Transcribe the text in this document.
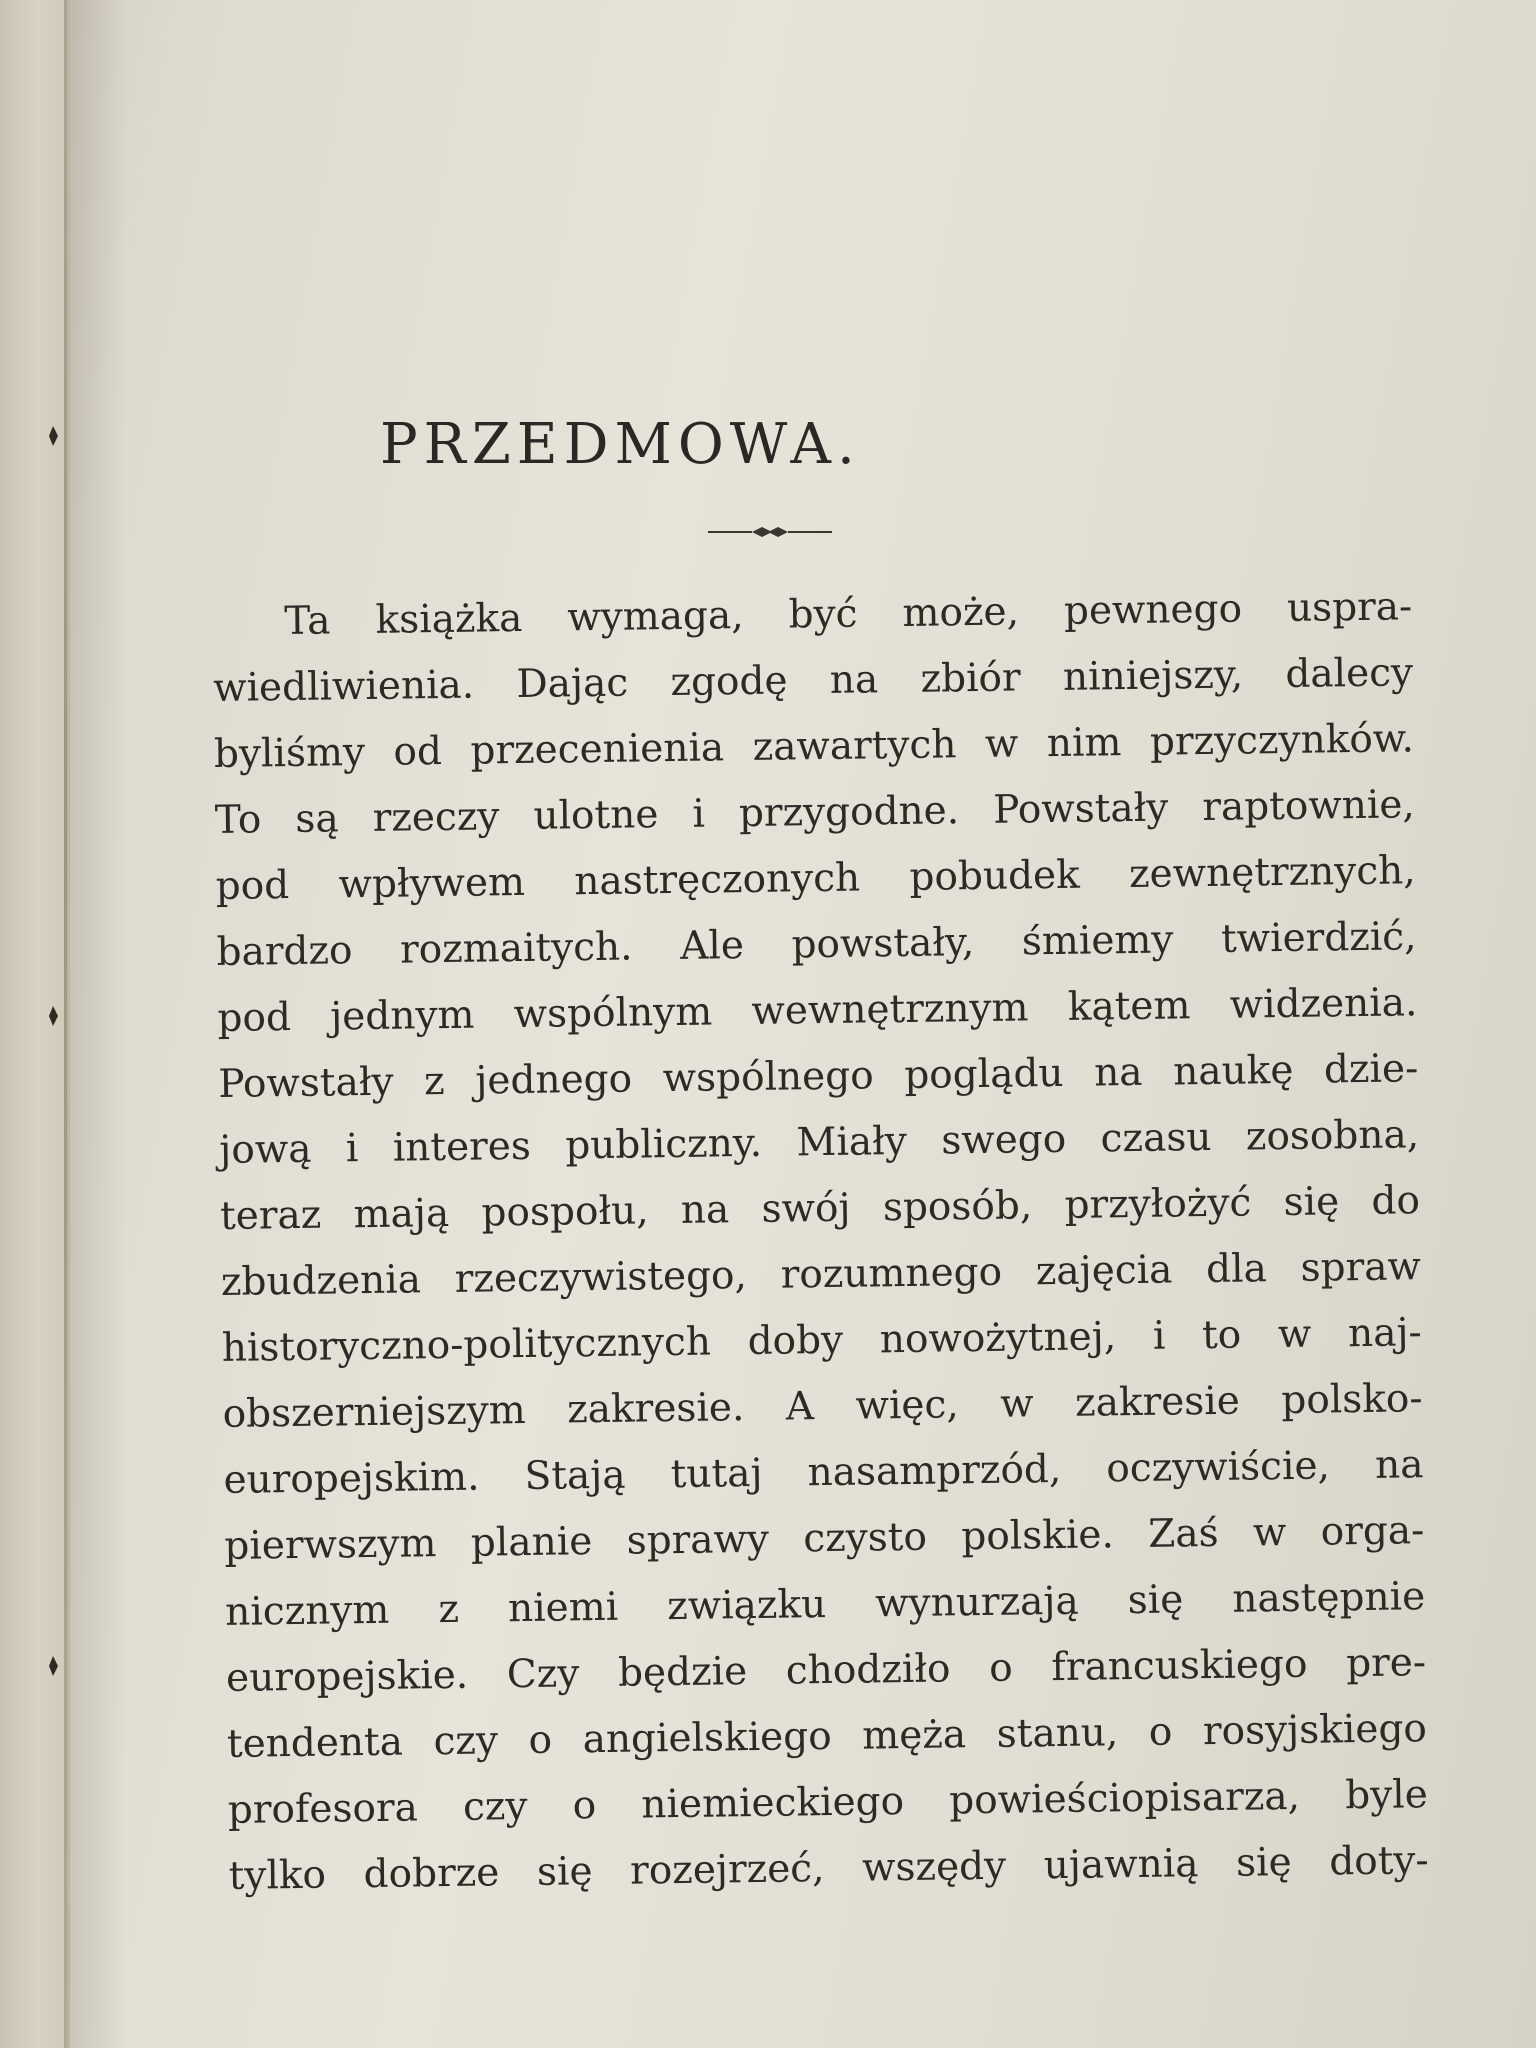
PRZEDMOWA.
Ta książka wymaga, być może, pewnego uspra-
wiedliwienia. Dając zgodę na zbiór niniejszy, dalecy
byliśmy od przecenienia zawartych w nim przyczynków.
To są rzeczy ulotne i przygodne. Powstały raptownie,
pod wpływem nastręczonych pobudek zewnętrznych,
bardzo rozmaitych. Ale powstały, śmiemy twierdzić,
pod jednym wspólnym wewnętrznym kątem widzenia.
Powstały z jednego wspólnego poglądu na naukę dzie-
jową i interes publiczny. Miały swego czasu zosobna,
teraz mają pospołu, na swój sposób, przyłożyć się do
zbudzenia rzeczywistego, rozumnego zajęcia dla spraw
historyczno-politycznych doby nowożytnej, i to w naj-
obszerniejszym zakresie. A więc, w zakresie polsko-
europejskim. Stają tutaj nasamprzód, oczywiście, na
pierwszym planie sprawy czysto polskie. Zaś w orga-
nicznym z niemi związku wynurzają się następnie
europejskie. Czy będzie chodziło o francuskiego pre-
tendenta czy o angielskiego męża stanu, o rosyjskiego
profesora czy o niemieckiego powieściopisarza, byle
tylko dobrze się rozejrzeć, wszędy ujawnią się doty-
